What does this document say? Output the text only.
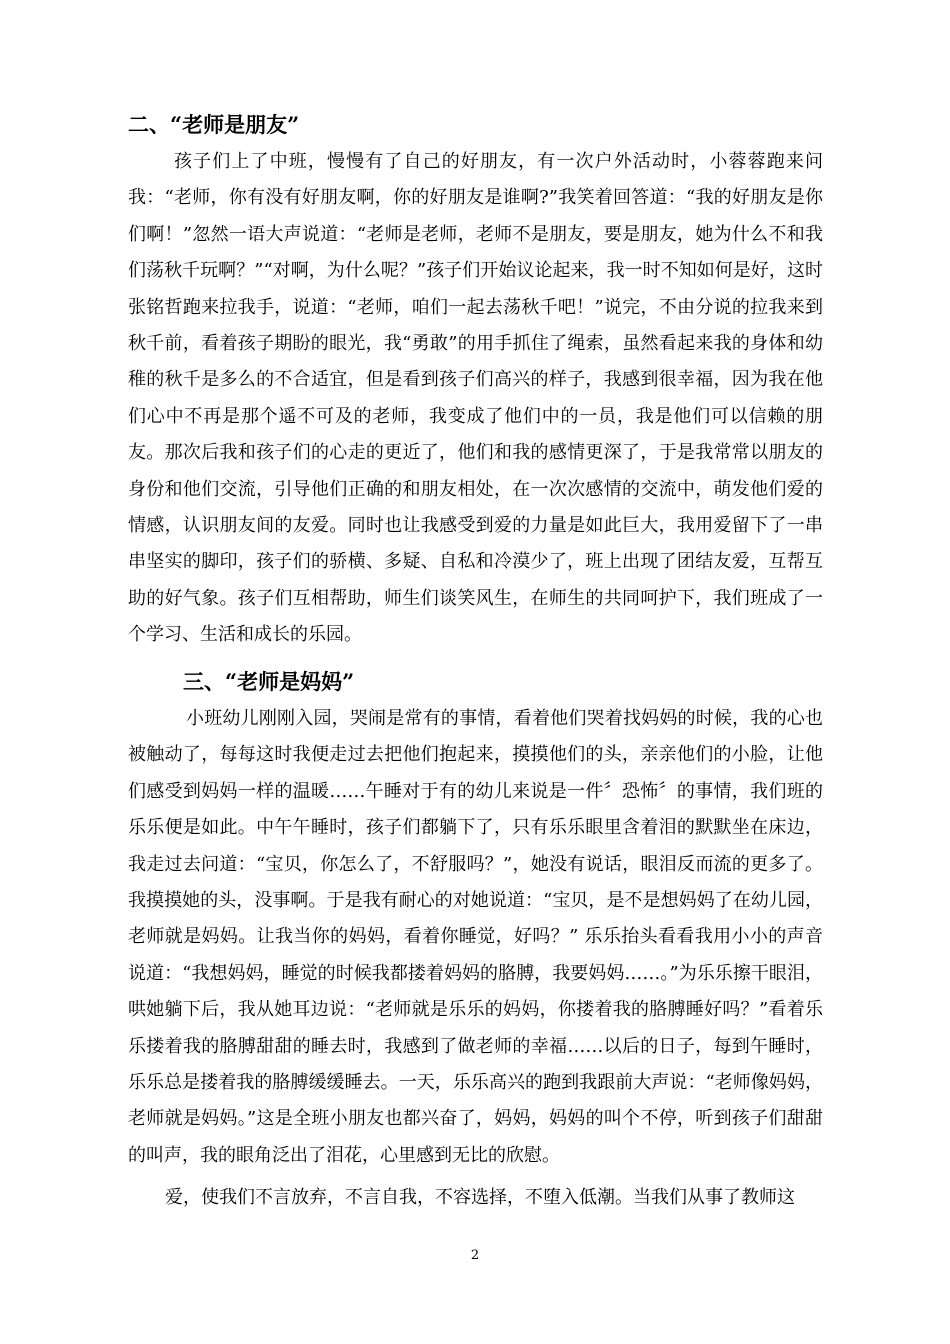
二、“老师是朋友”

孩子们上了中班，慢慢有了自己的好朋友，有一次户外活动时，小蓉蓉跑来问我：“老师，你有没有好朋友啊，你的好朋友是谁啊?”我笑着回答道：“我的好朋友是你们啊！”忽然一语大声说道：“老师是老师，老师不是朋友，要是朋友，她为什么不和我们荡秋千玩啊？”“对啊，为什么呢？”孩子们开始议论起来，我一时不知如何是好，这时张铭哲跑来拉我手，说道：“老师，咱们一起去荡秋千吧！”说完，不由分说的拉我来到秋千前，看着孩子期盼的眼光，我“勇敢”的用手抓住了绳索，虽然看起来我的身体和幼稚的秋千是多么的不合适宜，但是看到孩子们高兴的样子，我感到很幸福，因为我在他们心中不再是那个遥不可及的老师，我变成了他们中的一员，我是他们可以信赖的朋友。那次后我和孩子们的心走的更近了，他们和我的感情更深了，于是我常常以朋友的身份和他们交流，引导他们正确的和朋友相处，在一次次感情的交流中，萌发他们爱的情感，认识朋友间的友爱。同时也让我感受到爱的力量是如此巨大，我用爱留下了一串串坚实的脚印，孩子们的骄横、多疑、自私和冷漠少了，班上出现了团结友爱，互帮互助的好气象。孩子们互相帮助，师生们谈笑风生，在师生的共同呵护下，我们班成了一个学习、生活和成长的乐园。

三、“老师是妈妈”

小班幼儿刚刚入园，哭闹是常有的事情，看着他们哭着找妈妈的时候，我的心也被触动了，每每这时我便走过去把他们抱起来，摸摸他们的头，亲亲他们的小脸，让他们感受到妈妈一样的温暖……午睡对于有的幼儿来说是一件〞恐怖〞的事情，我们班的乐乐便是如此。中午午睡时，孩子们都躺下了，只有乐乐眼里含着泪的默默坐在床边，我走过去问道：“宝贝，你怎么了，不舒服吗？”，她没有说话，眼泪反而流的更多了。我摸摸她的头，没事啊。于是我有耐心的对她说道：“宝贝，是不是想妈妈了在幼儿园，老师就是妈妈。让我当你的妈妈，看着你睡觉，好吗？” 乐乐抬头看看我用小小的声音说道：“我想妈妈，睡觉的时候我都搂着妈妈的胳膊，我要妈妈……。”为乐乐擦干眼泪，哄她躺下后，我从她耳边说：“老师就是乐乐的妈妈，你搂着我的胳膊睡好吗？”看着乐乐搂着我的胳膊甜甜的睡去时，我感到了做老师的幸福……以后的日子，每到午睡时，乐乐总是搂着我的胳膊缓缓睡去。一天，乐乐高兴的跑到我跟前大声说：“老师像妈妈，老师就是妈妈。”这是全班小朋友也都兴奋了，妈妈，妈妈的叫个不停，听到孩子们甜甜的叫声，我的眼角泛出了泪花，心里感到无比的欣慰。

爱，使我们不言放弃，不言自我，不容选择，不堕入低潮。当我们从事了教师这

2
